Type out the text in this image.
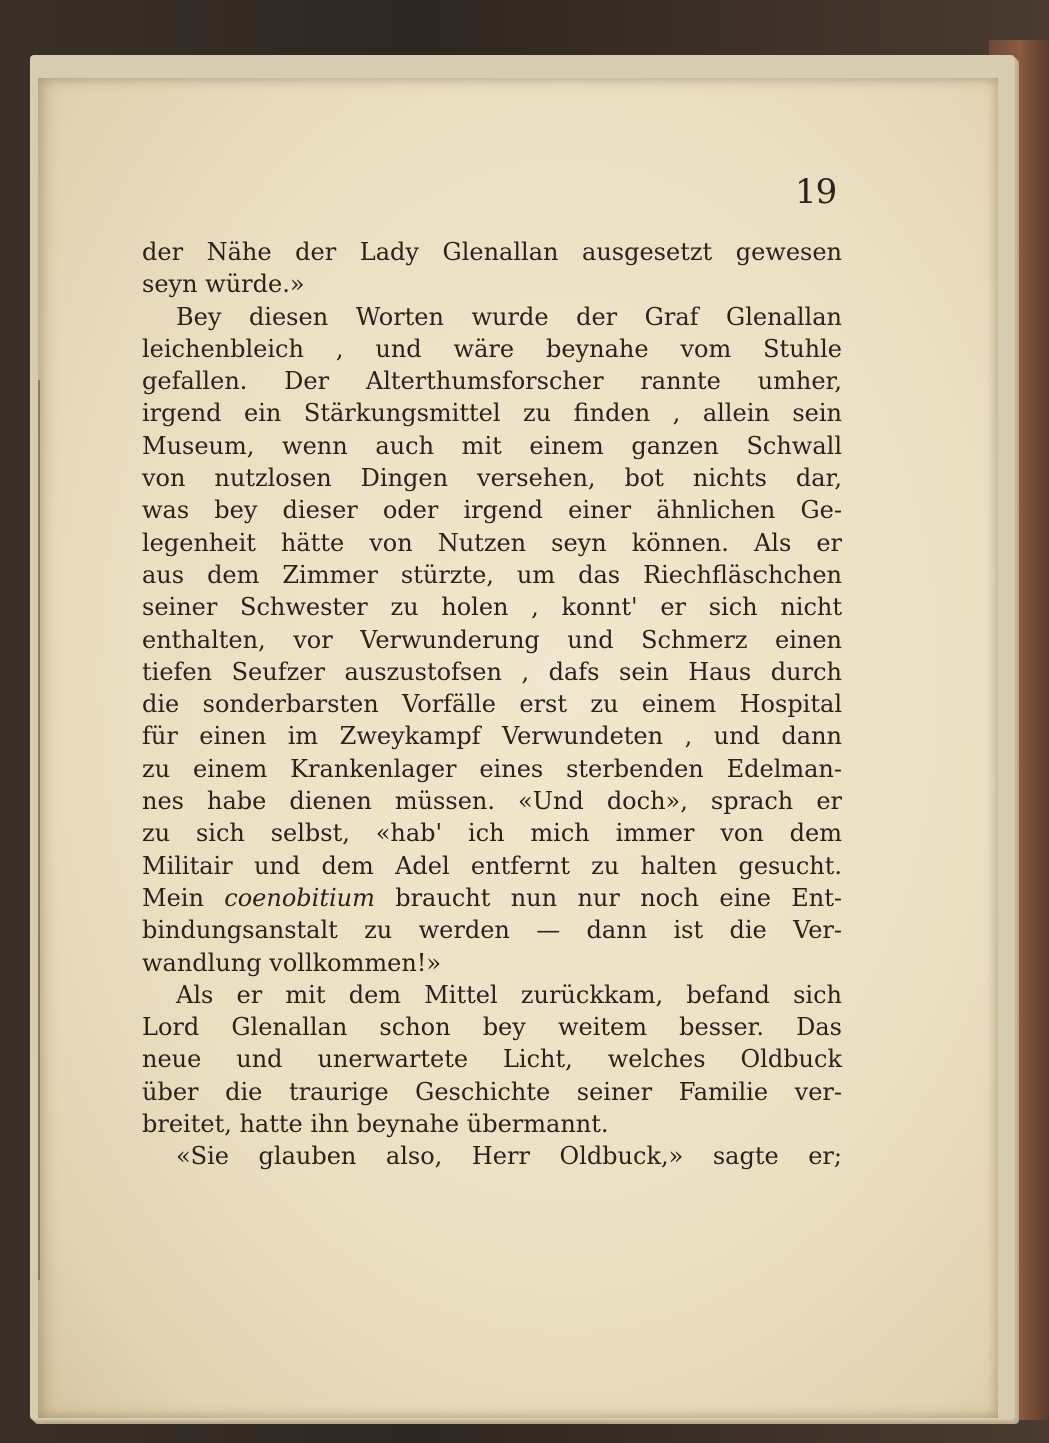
19
der Nähe der Lady Glenallan ausgesetzt gewesen
seyn würde.»
Bey diesen Worten wurde der Graf Glenallan
leichenbleich , und wäre beynahe vom Stuhle
gefallen. Der Alterthumsforscher rannte umher,
irgend ein Stärkungsmittel zu finden , allein sein
Museum, wenn auch mit einem ganzen Schwall
von nutzlosen Dingen versehen, bot nichts dar,
was bey dieser oder irgend einer ähnlichen Ge-
legenheit hätte von Nutzen seyn können. Als er
aus dem Zimmer stürzte, um das Riechfläschchen
seiner Schwester zu holen , konnt' er sich nicht
enthalten, vor Verwunderung und Schmerz einen
tiefen Seufzer auszustofsen , dafs sein Haus durch
die sonderbarsten Vorfälle erst zu einem Hospital
für einen im Zweykampf Verwundeten , und dann
zu einem Krankenlager eines sterbenden Edelman-
nes habe dienen müssen. «Und doch», sprach er
zu sich selbst, «hab' ich mich immer von dem
Militair und dem Adel entfernt zu halten gesucht.
Mein coenobitium braucht nun nur noch eine Ent-
bindungsanstalt zu werden — dann ist die Ver-
wandlung vollkommen!»
Als er mit dem Mittel zurückkam, befand sich
Lord Glenallan schon bey weitem besser. Das
neue und unerwartete Licht, welches Oldbuck
über die traurige Geschichte seiner Familie ver-
breitet, hatte ihn beynahe übermannt.
«Sie glauben also, Herr Oldbuck,» sagte er;
